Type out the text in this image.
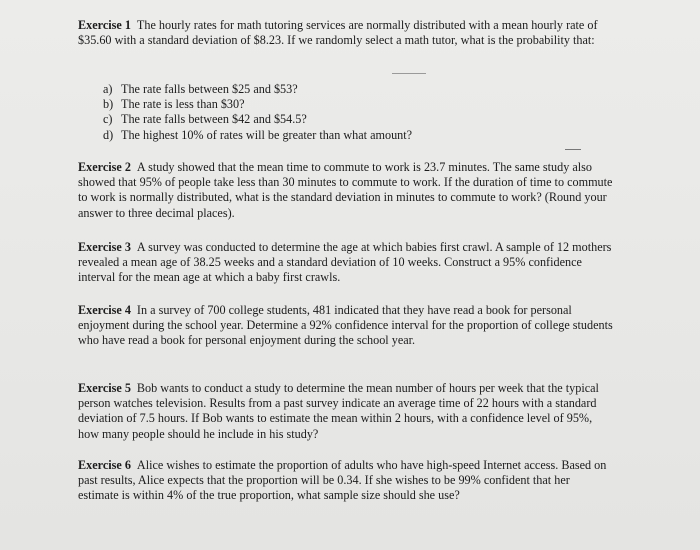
Exercise 1 The hourly rates for math tutoring services are normally distributed with a mean hourly rate of $35.60 with a standard deviation of $8.23. If we randomly select a math tutor, what is the probability that:
a) The rate falls between $25 and $53?
b) The rate is less than $30?
c) The rate falls between $42 and $54.5?
d) The highest 10% of rates will be greater than what amount?
Exercise 2 A study showed that the mean time to commute to work is 23.7 minutes. The same study also showed that 95% of people take less than 30 minutes to commute to work. If the duration of time to commute to work is normally distributed, what is the standard deviation in minutes to commute to work? (Round your answer to three decimal places).
Exercise 3 A survey was conducted to determine the age at which babies first crawl. A sample of 12 mothers revealed a mean age of 38.25 weeks and a standard deviation of 10 weeks. Construct a 95% confidence interval for the mean age at which a baby first crawls.
Exercise 4 In a survey of 700 college students, 481 indicated that they have read a book for personal enjoyment during the school year. Determine a 92% confidence interval for the proportion of college students who have read a book for personal enjoyment during the school year.
Exercise 5 Bob wants to conduct a study to determine the mean number of hours per week that the typical person watches television. Results from a past survey indicate an average time of 22 hours with a standard deviation of 7.5 hours. If Bob wants to estimate the mean within 2 hours, with a confidence level of 95%, how many people should he include in his study?
Exercise 6 Alice wishes to estimate the proportion of adults who have high-speed Internet access. Based on past results, Alice expects that the proportion will be 0.34. If she wishes to be 99% confident that her estimate is within 4% of the true proportion, what sample size should she use?
